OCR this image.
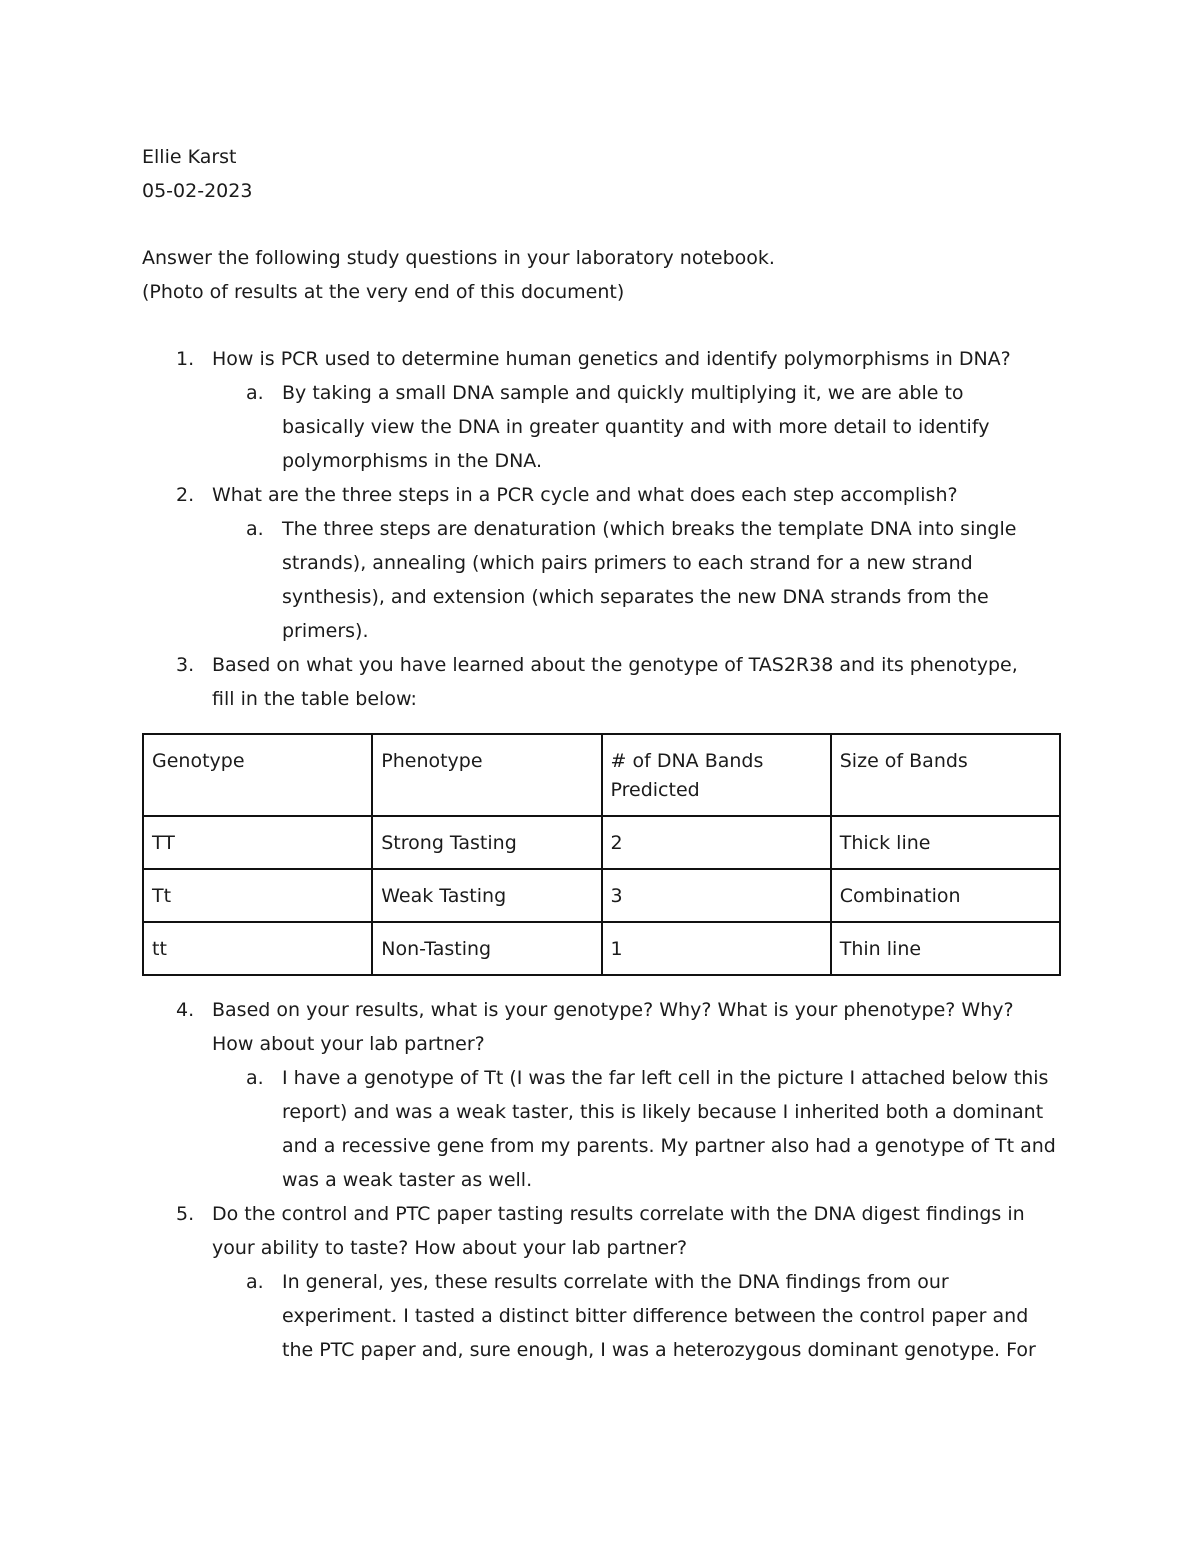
Ellie Karst
05-02-2023
Answer the following study questions in your laboratory notebook.
(Photo of results at the very end of this document)
1. How is PCR used to determine human genetics and identify polymorphisms in DNA?
a. By taking a small DNA sample and quickly multiplying it, we are able to
basically view the DNA in greater quantity and with more detail to identify
polymorphisms in the DNA.
2. What are the three steps in a PCR cycle and what does each step accomplish?
a. The three steps are denaturation (which breaks the template DNA into single
strands), annealing (which pairs primers to each strand for a new strand
synthesis), and extension (which separates the new DNA strands from the
primers).
3. Based on what you have learned about the genotype of TAS2R38 and its phenotype,
fill in the table below:
Genotype	Phenotype	# of DNA Bands Predicted	Size of Bands
TT	Strong Tasting	2	Thick line
Tt	Weak Tasting	3	Combination
tt	Non-Tasting	1	Thin line
4. Based on your results, what is your genotype? Why? What is your phenotype? Why?
How about your lab partner?
a. I have a genotype of Tt (I was the far left cell in the picture I attached below this
report) and was a weak taster, this is likely because I inherited both a dominant
and a recessive gene from my parents. My partner also had a genotype of Tt and
was a weak taster as well.
5. Do the control and PTC paper tasting results correlate with the DNA digest findings in
your ability to taste? How about your lab partner?
a. In general, yes, these results correlate with the DNA findings from our
experiment. I tasted a distinct bitter difference between the control paper and
the PTC paper and, sure enough, I was a heterozygous dominant genotype. For
